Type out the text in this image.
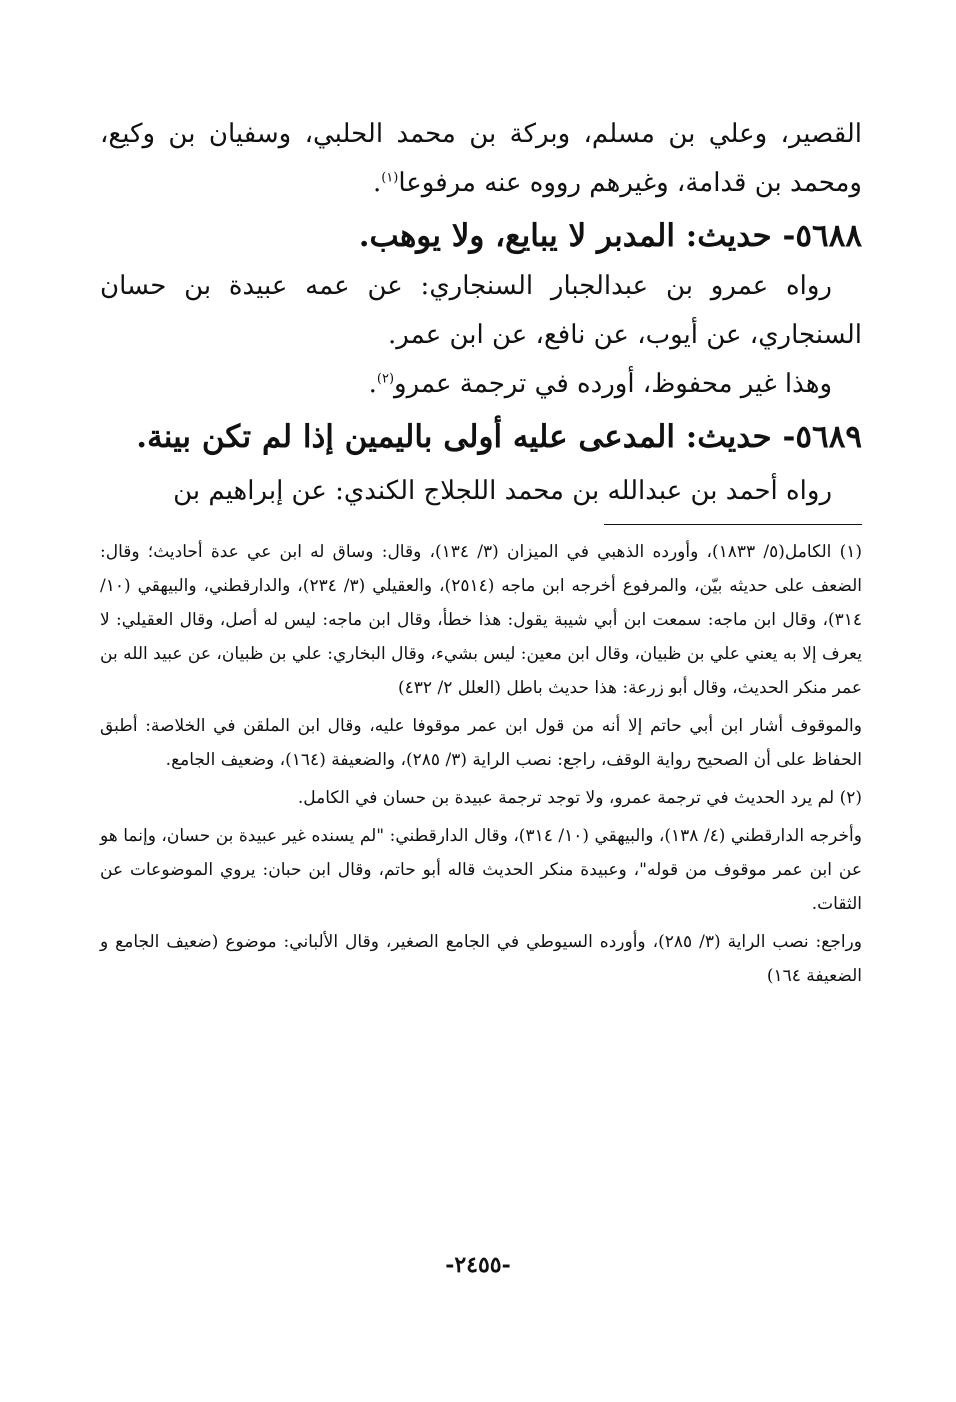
القصير، وعلي بن مسلم، وبركة بن محمد الحلبي، وسفيان بن وكيع، ومحمد بن قدامة، وغيرهم رووه عنه مرفوعا$^{(١)}$.

٥٦٨٨- حديث: المدبر لا يبايع، ولا يوهب.

رواه عمرو بن عبدالجبار السنجاري: عن عمه عبيدة بن حسان السنجاري، عن أيوب، عن نافع، عن ابن عمر.

وهذا غير محفوظ، أورده في ترجمة عمرو$^{(٢)}$.

٥٦٨٩- حديث: المدعى عليه أولى باليمين إذا لم تكن بينة.

رواه أحمد بن عبدالله بن محمد اللجلاج الكندي: عن إبراهيم بن

(١) الكامل(٥/ ١٨٣٣)، وأورده الذهبي في الميزان (٣/ ١٣٤)، وقال: وساق له ابن عي عدة أحاديث؛ وقال: الضعف على حديثه بيّن، والمرفوع أخرجه ابن ماجه (٢٥١٤)، والعقيلي (٣/ ٢٣٤)، والدارقطني، والبيهقي (١٠/ ٣١٤)، وقال ابن ماجه: سمعت ابن أبي شيبة يقول: هذا خطأ، وقال ابن ماجه: ليس له أصل، وقال العقيلي: لا يعرف إلا به يعني علي بن ظبيان، وقال ابن معين: ليس بشيء، وقال البخاري: علي بن ظبيان، عن عبيد الله بن عمر منكر الحديث، وقال أبو زرعة: هذا حديث باطل (العلل ٢/ ٤٣٢)

والموقوف أشار ابن أبي حاتم إلا أنه من قول ابن عمر موقوفا عليه، وقال ابن الملقن في الخلاصة: أطبق الحفاظ على أن الصحيح رواية الوقف، راجع: نصب الراية (٣/ ٢٨٥)، والضعيفة (١٦٤)، وضعيف الجامع.

(٢) لم يرد الحديث في ترجمة عمرو، ولا توجد ترجمة عبيدة بن حسان في الكامل.

وأخرجه الدارقطني (٤/ ١٣٨)، والبيهقي (١٠/ ٣١٤)، وقال الدارقطني: "لم يسنده غير عبيدة بن حسان، وإنما هو عن ابن عمر موقوف من قوله"، وعبيدة منكر الحديث قاله أبو حاتم، وقال ابن حبان: يروي الموضوعات عن الثقات.

وراجع: نصب الراية (٣/ ٢٨٥)، وأورده السيوطي في الجامع الصغير، وقال الألباني: موضوع (ضعيف الجامع و الضعيفة ١٦٤)

-٢٤٥٥-
